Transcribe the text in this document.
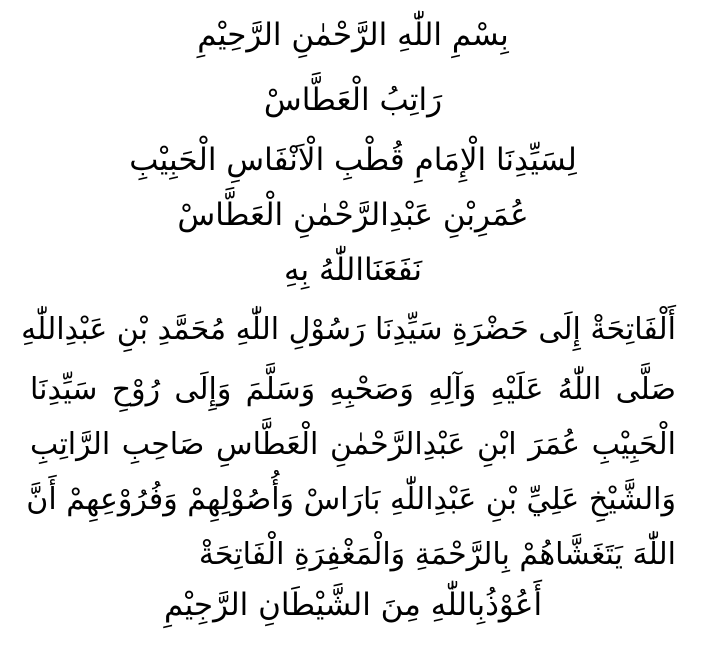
بِسْمِ اللّٰهِ الرَّحْمٰنِ الرَّحِيْمِ
رَاتِبُ الْعَطَّاسْ
لِسَيِّدِنَا الْإِمَامِ قُطْبِ الْاَنْفَاسِ الْحَبِيْبِ
عُمَرِبْنِ عَبْدِالرَّحْمٰنِ الْعَطَّاسْ
نَفَعَنَااللّٰهُ بِهِ
أَلْفَاتِحَةْ إِلَى حَضْرَةِ سَيِّدِنَا رَسُوْلِ اللّٰهِ مُحَمَّدِ بْنِ عَبْدِاللّٰهِ
صَلَّى اللّٰهُ عَلَيْهِ وَآلِهِ وَصَحْبِهِ وَسَلَّمَ وَإِلَى رُوْحِ سَيِّدِنَا
الْحَبِيْبِ عُمَرَ ابْنِ عَبْدِالرَّحْمٰنِ الْعَطَّاسِ صَاحِبِ الرَّاتِبِ
وَالشَّيْخِ عَلِيِّ بْنِ عَبْدِاللّٰهِ بَارَاسْ وَأُصُوْلِهِمْ وَفُرُوْعِهِمْ أَنَّ
اللّٰهَ يَتَغَشَّاهُمْ بِالرَّحْمَةِ وَالْمَغْفِرَةِ الْفَاتِحَةْ
أَعُوْذُبِاللّٰهِ مِنَ الشَّيْطَانِ الرَّجِيْمِ
